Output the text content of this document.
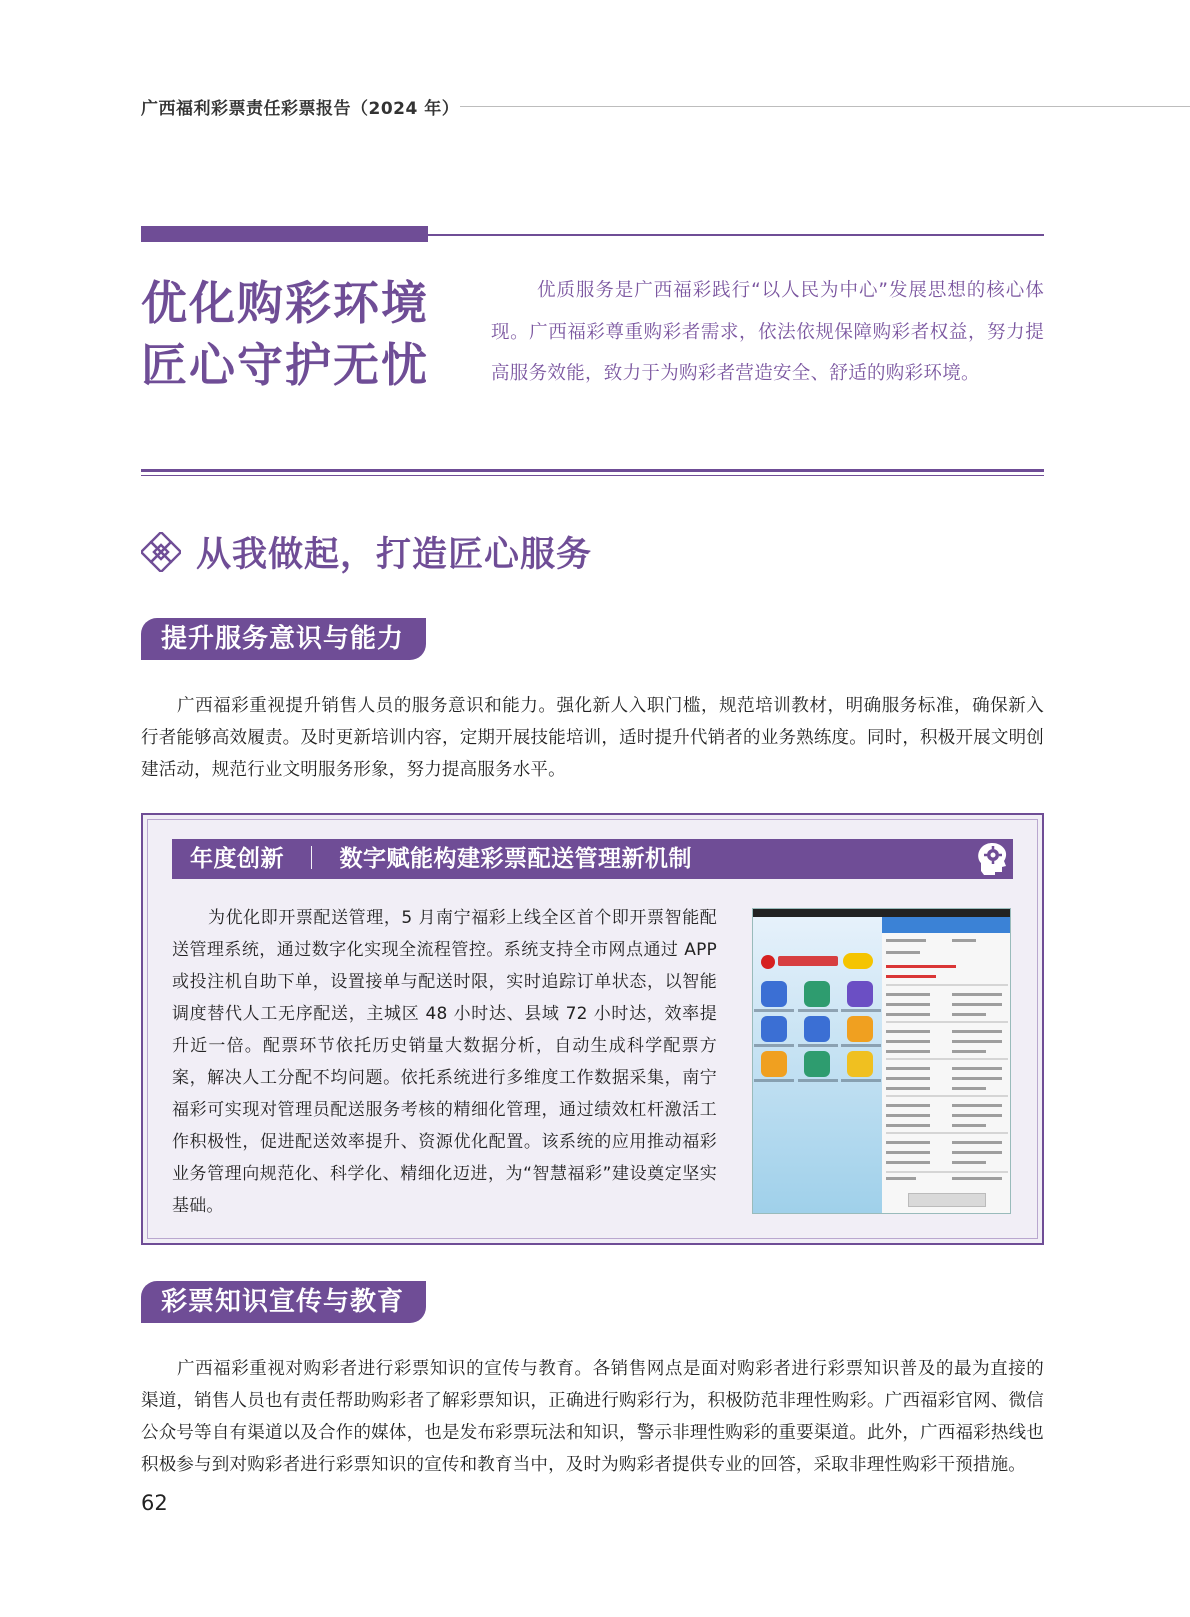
广西福利彩票责任彩票报告（2024 年）
优化购彩环境
匠心守护无忧
优质服务是广西福彩践行“以人民为中心”发展思想的核心体现。广西福彩尊重购彩者需求，依法依规保障购彩者权益，努力提高服务效能，致力于为购彩者营造安全、舒适的购彩环境。
从我做起，打造匠心服务
提升服务意识与能力

广西福彩重视提升销售人员的服务意识和能力。强化新人入职门槛，规范培训教材，明确服务标准，确保新入行者能够高效履责。及时更新培训内容，定期开展技能培训，适时提升代销者的业务熟练度。同时，积极开展文明创建活动，规范行业文明服务形象，努力提高服务水平。

年度创新 ｜ 数字赋能构建彩票配送管理新机制

为优化即开票配送管理，5 月南宁福彩上线全区首个即开票智能配送管理系统，通过数字化实现全流程管控。系统支持全市网点通过 APP 或投注机自助下单，设置接单与配送时限，实时追踪订单状态，以智能调度替代人工无序配送，主城区 48 小时达、县域 72 小时达，效率提升近一倍。配票环节依托历史销量大数据分析，自动生成科学配票方案，解决人工分配不均问题。依托系统进行多维度工作数据采集，南宁福彩可实现对管理员配送服务考核的精细化管理，通过绩效杠杆激活工作积极性，促进配送效率提升、资源优化配置。该系统的应用推动福彩业务管理向规范化、科学化、精细化迈进，为“智慧福彩”建设奠定坚实基础。

彩票知识宣传与教育

广西福彩重视对购彩者进行彩票知识的宣传与教育。各销售网点是面对购彩者进行彩票知识普及的最为直接的渠道，销售人员也有责任帮助购彩者了解彩票知识，正确进行购彩行为，积极防范非理性购彩。广西福彩官网、微信公众号等自有渠道以及合作的媒体，也是发布彩票玩法和知识，警示非理性购彩的重要渠道。此外，广西福彩热线也积极参与到对购彩者进行彩票知识的宣传和教育当中，及时为购彩者提供专业的回答，采取非理性购彩干预措施。

62
